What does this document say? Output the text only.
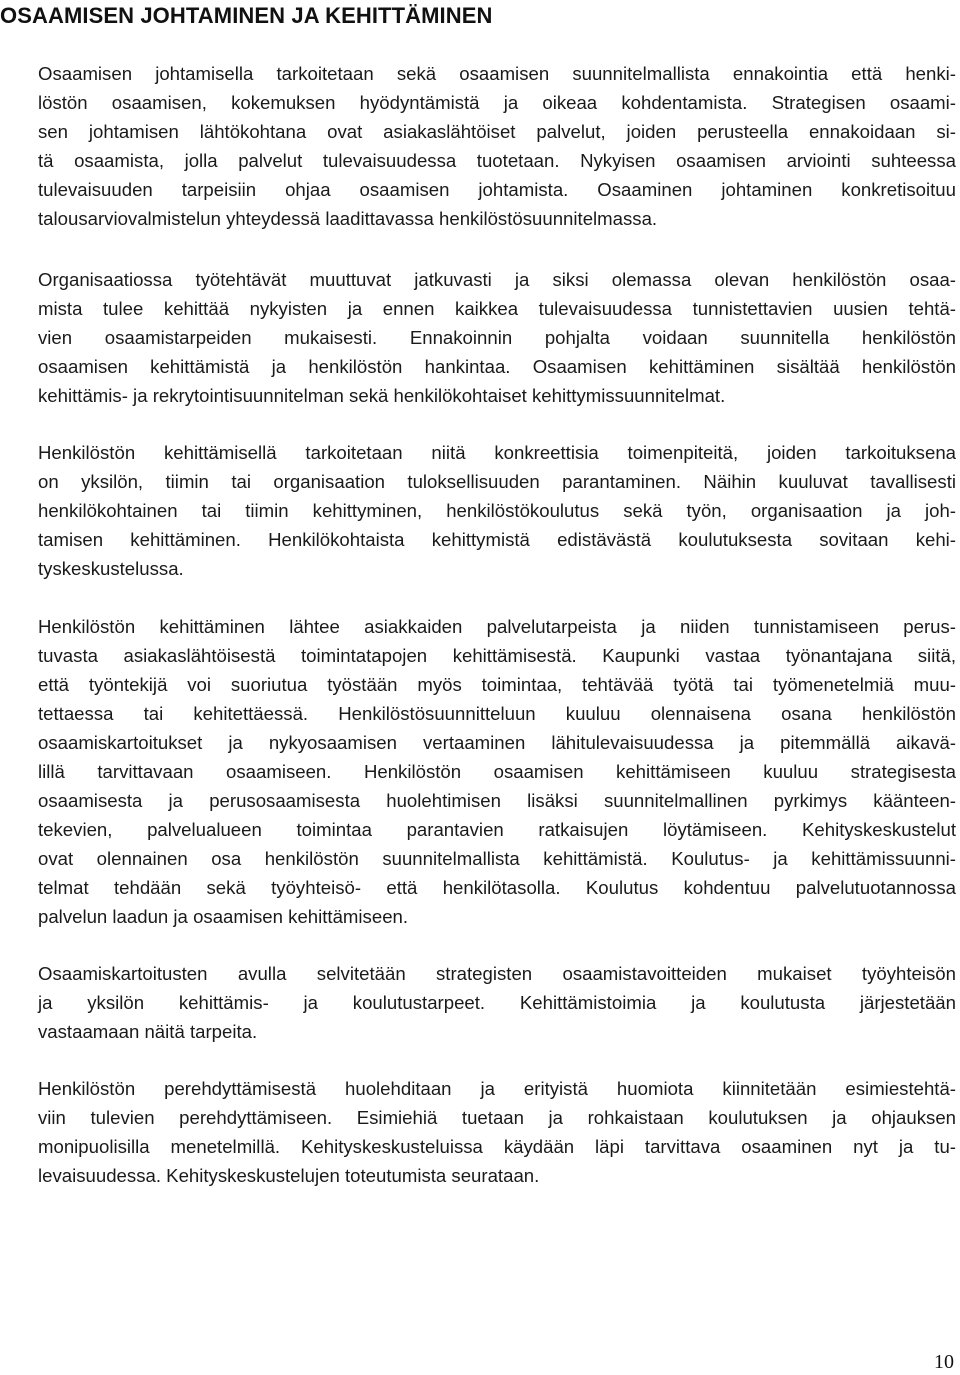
OSAAMISEN JOHTAMINEN JA KEHITTÄMINEN
Osaamisen johtamisella tarkoitetaan sekä osaamisen suunnitelmallista ennakointia että henki-
löstön osaamisen, kokemuksen hyödyntämistä ja oikeaa kohdentamista. Strategisen osaami-
sen johtamisen lähtökohtana ovat asiakaslähtöiset palvelut, joiden perusteella ennakoidaan si-
tä osaamista, jolla palvelut tulevaisuudessa tuotetaan. Nykyisen osaamisen arviointi suhteessa
tulevaisuuden tarpeisiin ohjaa osaamisen johtamista. Osaaminen johtaminen konkretisoituu
talousarviovalmistelun yhteydessä laadittavassa henkilöstösuunnitelmassa.
Organisaatiossa työtehtävät muuttuvat jatkuvasti ja siksi olemassa olevan henkilöstön osaa-
mista tulee kehittää nykyisten ja ennen kaikkea tulevaisuudessa tunnistettavien uusien tehtä-
vien osaamistarpeiden mukaisesti. Ennakoinnin pohjalta voidaan suunnitella henkilöstön
osaamisen kehittämistä ja henkilöstön hankintaa. Osaamisen kehittäminen sisältää henkilöstön
kehittämis- ja rekrytointisuunnitelman sekä henkilökohtaiset kehittymissuunnitelmat.
Henkilöstön kehittämisellä tarkoitetaan niitä konkreettisia toimenpiteitä, joiden tarkoituksena
on yksilön, tiimin tai organisaation tuloksellisuuden parantaminen. Näihin kuuluvat tavallisesti
henkilökohtainen tai tiimin kehittyminen, henkilöstökoulutus sekä työn, organisaation ja joh-
tamisen kehittäminen. Henkilökohtaista kehittymistä edistävästä koulutuksesta sovitaan kehi-
tyskeskustelussa.
Henkilöstön kehittäminen lähtee asiakkaiden palvelutarpeista ja niiden tunnistamiseen perus-
tuvasta asiakaslähtöisestä toimintatapojen kehittämisestä. Kaupunki vastaa työnantajana siitä,
että työntekijä voi suoriutua työstään myös toimintaa, tehtävää työtä tai työmenetelmiä muu-
tettaessa tai kehitettäessä. Henkilöstösuunnitteluun kuuluu olennaisena osana henkilöstön
osaamiskartoitukset ja nykyosaamisen vertaaminen lähitulevaisuudessa ja pitemmällä aikavä-
lillä tarvittavaan osaamiseen. Henkilöstön osaamisen kehittämiseen kuuluu strategisesta
osaamisesta ja perusosaamisesta huolehtimisen lisäksi suunnitelmallinen pyrkimys käänteen-
tekevien, palvelualueen toimintaa parantavien ratkaisujen löytämiseen. Kehityskeskustelut
ovat olennainen osa henkilöstön suunnitelmallista kehittämistä. Koulutus- ja kehittämissuunni-
telmat tehdään sekä työyhteisö- että henkilötasolla. Koulutus kohdentuu palvelutuotannossa
palvelun laadun ja osaamisen kehittämiseen.
Osaamiskartoitusten avulla selvitetään strategisten osaamistavoitteiden mukaiset työyhteisön
ja yksilön kehittämis- ja koulutustarpeet. Kehittämistoimia ja koulutusta järjestetään
vastaamaan näitä tarpeita.
Henkilöstön perehdyttämisestä huolehditaan ja erityistä huomiota kiinnitetään esimiestehtä-
viin tulevien perehdyttämiseen. Esimiehiä tuetaan ja rohkaistaan koulutuksen ja ohjauksen
monipuolisilla menetelmillä. Kehityskeskusteluissa käydään läpi tarvittava osaaminen nyt ja tu-
levaisuudessa. Kehityskeskustelujen toteutumista seurataan.
10
